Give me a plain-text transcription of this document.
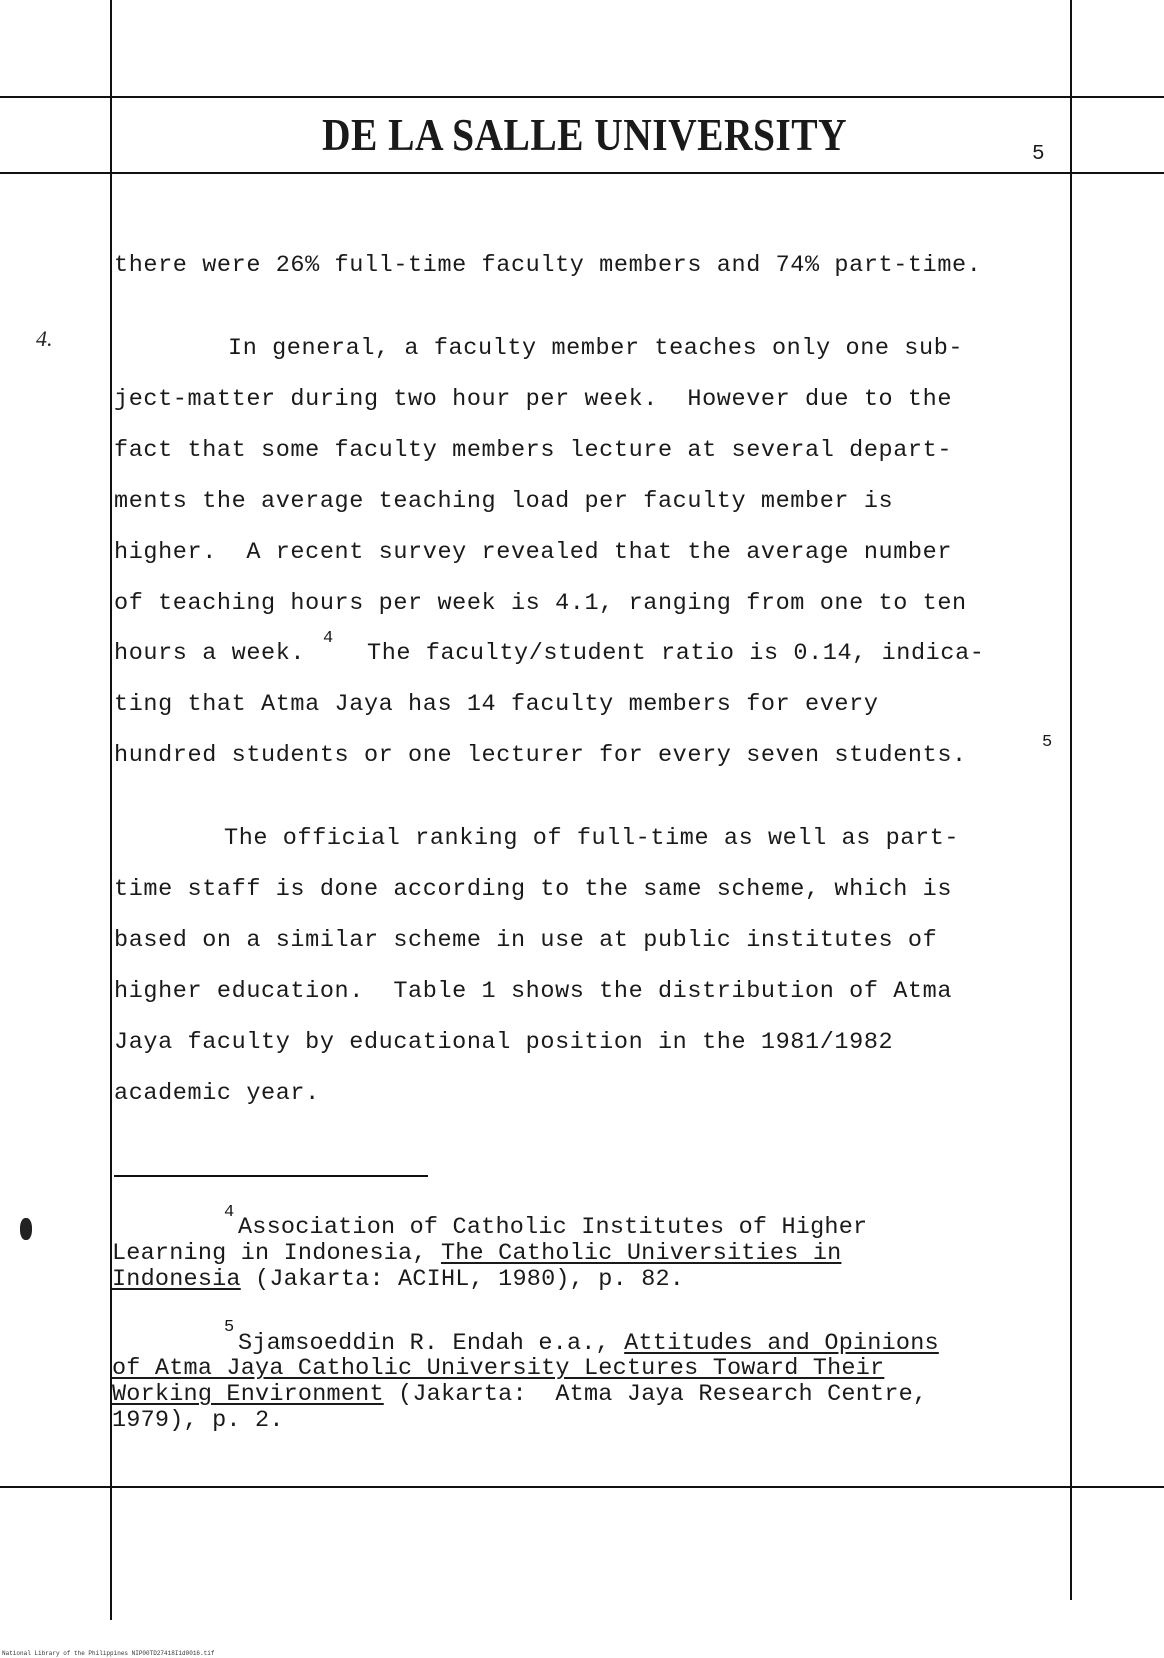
DE LA SALLE UNIVERSITY	5
4.
there were 26% full-time faculty members and 74% part-time.
In general, a faculty member teaches only one sub-
ject-matter during two hour per week.  However due to the
fact that some faculty members lecture at several depart-
ments the average teaching load per faculty member is
higher.  A recent survey revealed that the average number
of teaching hours per week is 4.1, ranging from one to ten
hours a week.
4
The faculty/student ratio is 0.14, indica-
ting that Atma Jaya has 14 faculty members for every
hundred students or one lecturer for every seven students.	5
The official ranking of full-time as well as part-
time staff is done according to the same scheme, which is
based on a similar scheme in use at public institutes of
higher education.  Table 1 shows the distribution of Atma
Jaya faculty by educational position in the 1981/1982
academic year.
4
Association of Catholic Institutes of Higher
Learning in Indonesia, The Catholic Universities in
Indonesia (Jakarta: ACIHL, 1980), p. 82.
5
Sjamsoeddin R. Endah e.a., Attitudes and Opinions
of Atma Jaya Catholic University Lectures Toward Their
Working Environment (Jakarta:  Atma Jaya Research Centre,
1979), p. 2.
National Library of the Philippines NIP00TD27418I1d0016.tif
